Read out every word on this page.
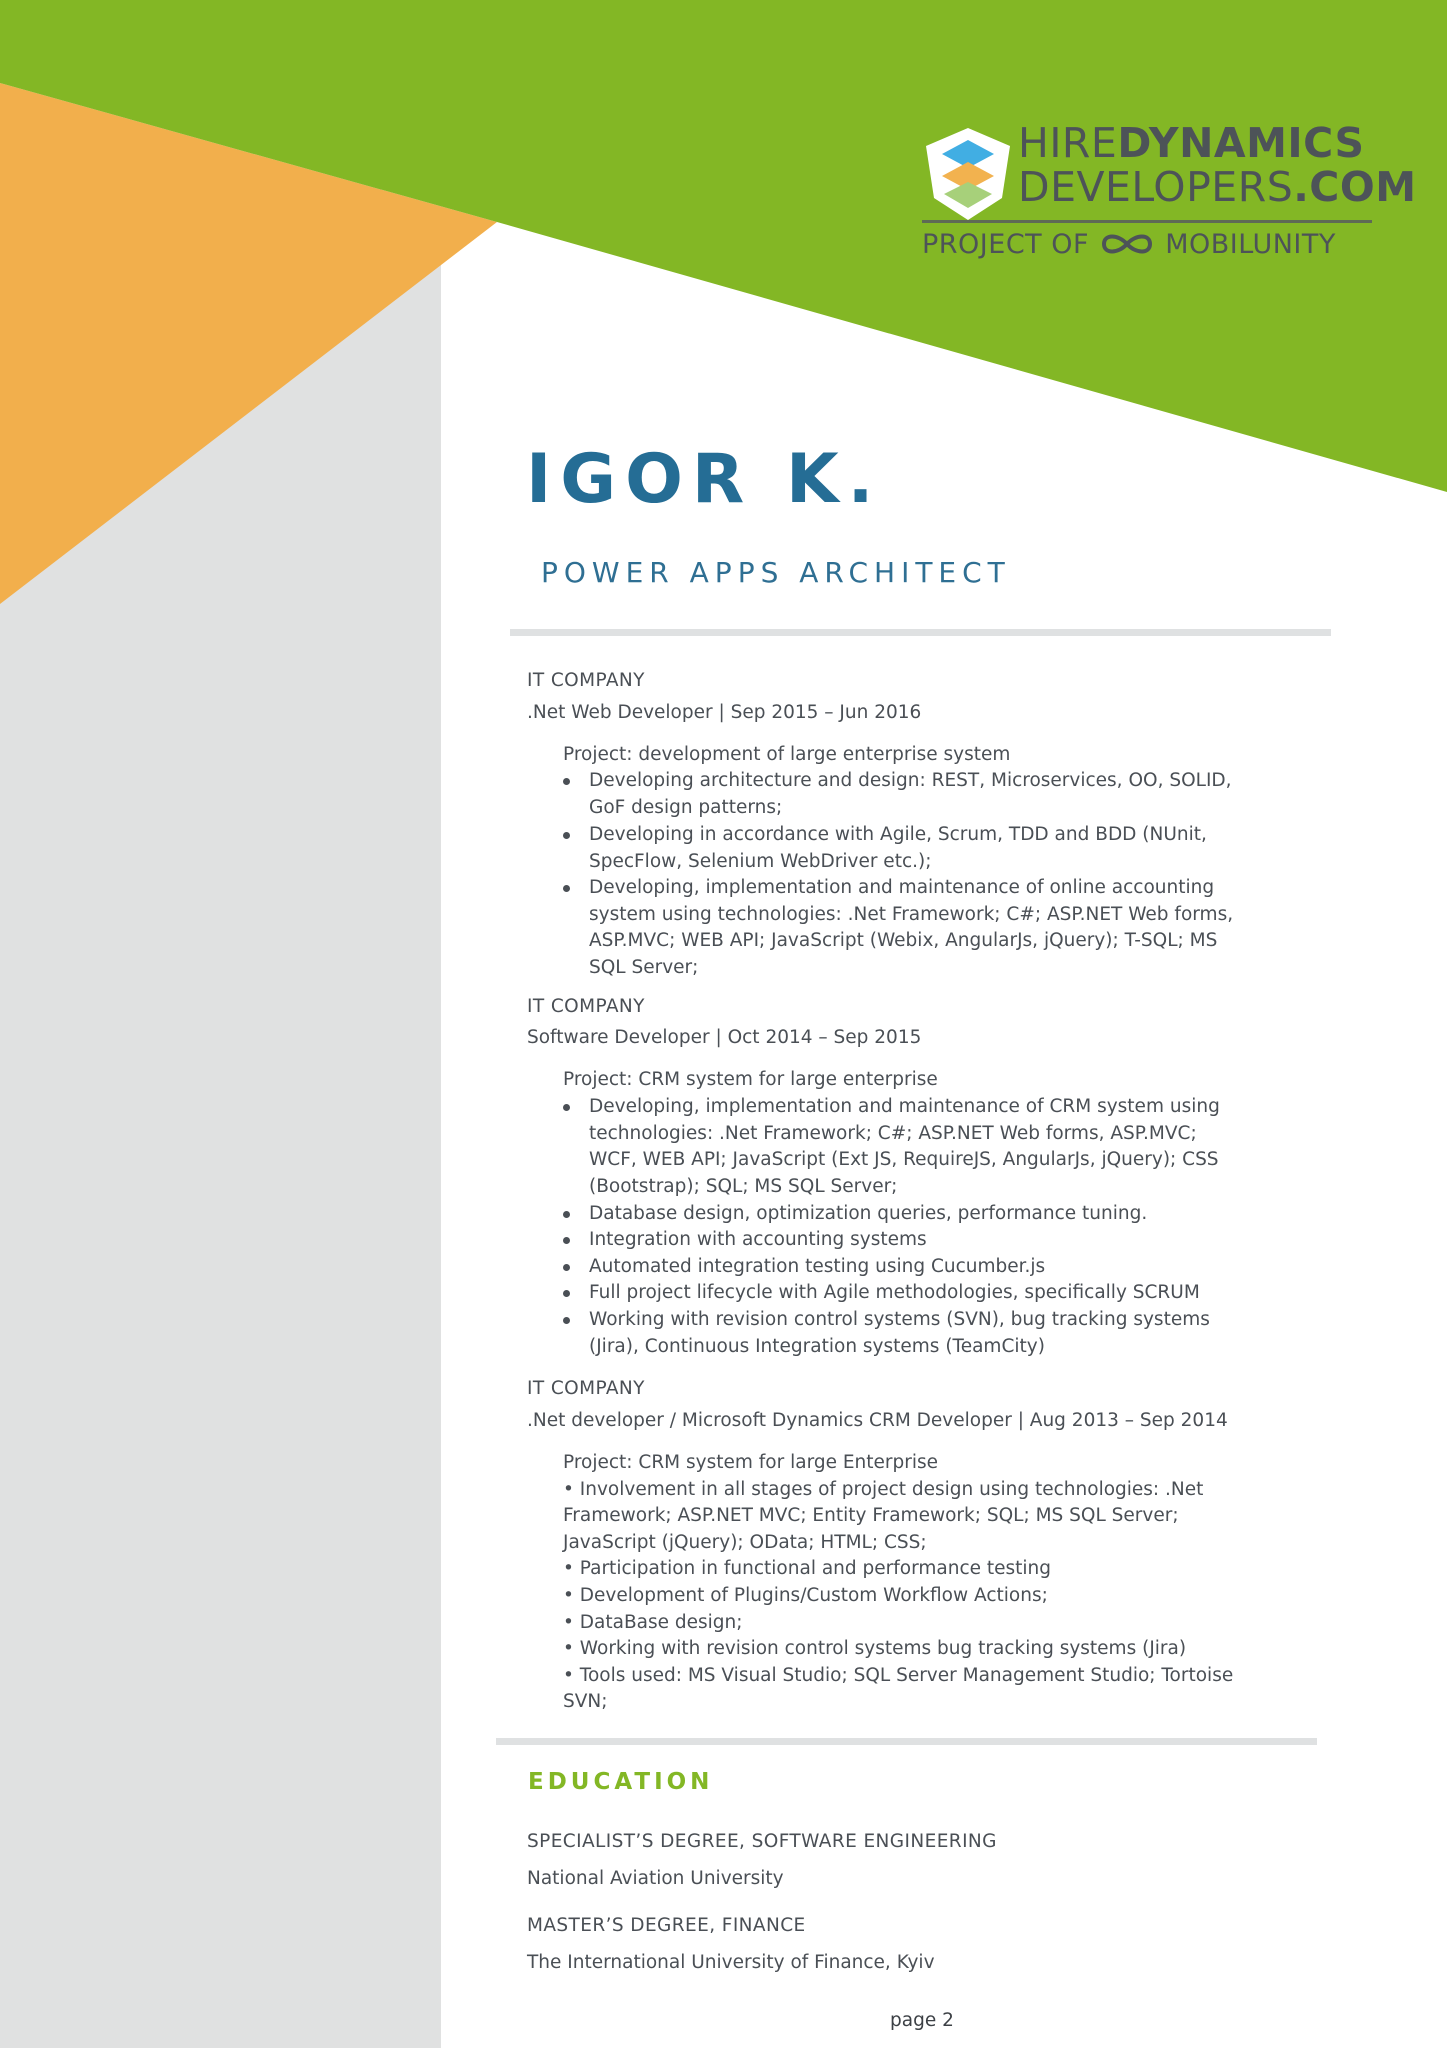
HIREDYNAMICS
DEVELOPERS.COM
PROJECT OF	MOBILUNITY
IGOR K.
POWER APPS ARCHITECT
IT COMPANY
.Net Web Developer | Sep 2015 – Jun 2016
Project: development of large enterprise system
Developing architecture and design: REST, Microservices, OO, SOLID,
GoF design patterns;
Developing in accordance with Agile, Scrum, TDD and BDD (NUnit,
SpecFlow, Selenium WebDriver etc.);
Developing, implementation and maintenance of online accounting
system using technologies: .Net Framework; C#; ASP.NET Web forms,
ASP.MVC; WEB API; JavaScript (Webix, AngularJs, jQuery); T-SQL; MS
SQL Server;
IT COMPANY
Software Developer | Oct 2014 – Sep 2015
Project: CRM system for large enterprise
Developing, implementation and maintenance of CRM system using
technologies: .Net Framework; C#; ASP.NET Web forms, ASP.MVC;
WCF, WEB API; JavaScript (Ext JS, RequireJS, AngularJs, jQuery); CSS
(Bootstrap); SQL; MS SQL Server;
Database design, optimization queries, performance tuning.
Integration with accounting systems
Automated integration testing using Cucumber.js
Full project lifecycle with Agile methodologies, specifically SCRUM
Working with revision control systems (SVN), bug tracking systems
(Jira), Continuous Integration systems (TeamCity)
IT COMPANY
.Net developer / Microsoft Dynamics CRM Developer | Aug 2013 – Sep 2014
Project: CRM system for large Enterprise
• Involvement in all stages of project design using technologies: .Net
Framework; ASP.NET MVC; Entity Framework; SQL; MS SQL Server;
JavaScript (jQuery); OData; HTML; CSS;
• Participation in functional and performance testing
• Development of Plugins/Custom Workflow Actions;
• DataBase design;
• Working with revision control systems bug tracking systems (Jira)
• Tools used: MS Visual Studio; SQL Server Management Studio; Tortoise
SVN;
EDUCATION
SPECIALIST’S DEGREE, SOFTWARE ENGINEERING
National Aviation University
MASTER’S DEGREE, FINANCE
The International University of Finance, Kyiv
page 2
